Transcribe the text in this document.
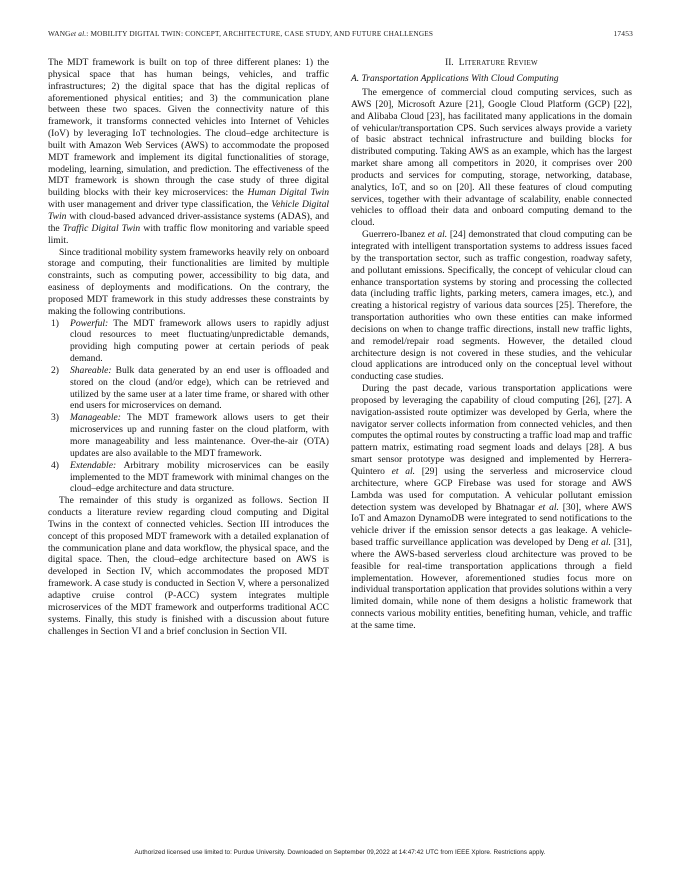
WANGet al.: MOBILITY DIGITAL TWIN: CONCEPT, ARCHITECTURE, CASE STUDY, AND FUTURE CHALLENGES	17453

The MDT framework is built on top of three different planes: 1) the physical space that has human beings, vehicles, and traffic infrastructures; 2) the digital space that has the digital replicas of aforementioned physical entities; and 3) the communication plane between these two spaces. Given the connectivity nature of this framework, it transforms connected vehicles into Internet of Vehicles (IoV) by leveraging IoT technologies. The cloud–edge architecture is built with Amazon Web Services (AWS) to accommodate the proposed MDT framework and implement its digital functionalities of storage, modeling, learning, simulation, and prediction. The effectiveness of the MDT framework is shown through the case study of three digital building blocks with their key microservices: the Human Digital Twin with user management and driver type classification, the Vehicle Digital Twin with cloud-based advanced driver-assistance systems (ADAS), and the Traffic Digital Twin with traffic flow monitoring and variable speed limit.

Since traditional mobility system frameworks heavily rely on onboard storage and computing, their functionalities are limited by multiple constraints, such as computing power, accessibility to big data, and easiness of deployments and modifications. On the contrary, the proposed MDT framework in this study addresses these constraints by making the following contributions.

1)	Powerful: The MDT framework allows users to rapidly adjust cloud resources to meet fluctuating/unpredictable demands, providing high computing power at certain periods of peak demand.
2)	Shareable: Bulk data generated by an end user is offloaded and stored on the cloud (and/or edge), which can be retrieved and utilized by the same user at a later time frame, or shared with other end users for microservices on demand.
3)	Manageable: The MDT framework allows users to get their microservices up and running faster on the cloud platform, with more manageability and less maintenance. Over-the-air (OTA) updates are also available to the MDT framework.
4)	Extendable: Arbitrary mobility microservices can be easily implemented to the MDT framework with minimal changes on the cloud–edge architecture and data structure.

The remainder of this study is organized as follows. Section II conducts a literature review regarding cloud computing and Digital Twins in the context of connected vehicles. Section III introduces the concept of this proposed MDT framework with a detailed explanation of the communication plane and data workflow, the physical space, and the digital space. Then, the cloud–edge architecture based on AWS is developed in Section IV, which accommodates the proposed MDT framework. A case study is conducted in Section V, where a personalized adaptive cruise control (P-ACC) system integrates multiple microservices of the MDT framework and outperforms traditional ACC systems. Finally, this study is finished with a discussion about future challenges in Section VI and a brief conclusion in Section VII.

II. Literature Review
A. Transportation Applications With Cloud Computing

The emergence of commercial cloud computing services, such as AWS [20], Microsoft Azure [21], Google Cloud Platform (GCP) [22], and Alibaba Cloud [23], has facilitated many applications in the domain of vehicular/transportation CPS. Such services always provide a variety of basic abstract technical infrastructure and building blocks for distributed computing. Taking AWS as an example, which has the largest market share among all competitors in 2020, it comprises over 200 products and services for computing, storage, networking, database, analytics, IoT, and so on [20]. All these features of cloud computing services, together with their advantage of scalability, enable connected vehicles to offload their data and onboard computing demand to the cloud.

Guerrero-Ibanez et al. [24] demonstrated that cloud computing can be integrated with intelligent transportation systems to address issues faced by the transportation sector, such as traffic congestion, roadway safety, and pollutant emissions. Specifically, the concept of vehicular cloud can enhance transportation systems by storing and processing the collected data (including traffic lights, parking meters, camera images, etc.), and creating a historical registry of various data sources [25]. Therefore, the transportation authorities who own these entities can make informed decisions on when to change traffic directions, install new traffic lights, and remodel/repair road segments. However, the detailed cloud architecture design is not covered in these studies, and the vehicular cloud applications are introduced only on the conceptual level without conducting case studies.

During the past decade, various transportation applications were proposed by leveraging the capability of cloud computing [26], [27]. A navigation-assisted route optimizer was developed by Gerla, where the navigator server collects information from connected vehicles, and then computes the optimal routes by constructing a traffic load map and traffic pattern matrix, estimating road segment loads and delays [28]. A bus smart sensor prototype was designed and implemented by Herrera-Quintero et al. [29] using the serverless and microservice cloud architecture, where GCP Firebase was used for storage and AWS Lambda was used for computation. A vehicular pollutant emission detection system was developed by Bhatnagar et al. [30], where AWS IoT and Amazon DynamoDB were integrated to send notifications to the vehicle driver if the emission sensor detects a gas leakage. A vehicle-based traffic surveillance application was developed by Deng et al. [31], where the AWS-based serverless cloud architecture was proved to be feasible for real-time transportation applications through a field implementation. However, aforementioned studies focus more on individual transportation application that provides solutions within a very limited domain, while none of them designs a holistic framework that connects various mobility entities, benefiting human, vehicle, and traffic at the same time.

Authorized licensed use limited to: Purdue University. Downloaded on September 09,2022 at 14:47:42 UTC from IEEE Xplore. Restrictions apply.
